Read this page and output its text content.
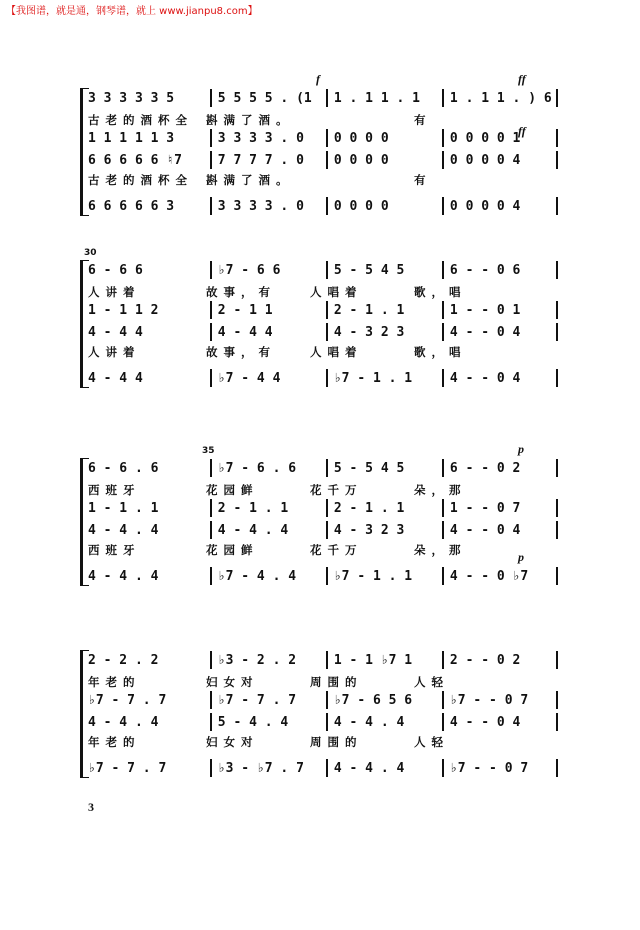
【我图谱，就是通，钢琴谱，就上 www.jianpu8.com】
3 3 3 3 3 5	5 5 5 5 . (1	1 . 1 1 . 1	1 . 1 1 . ) 6
古老的酒杯全	斟满了酒。	有
1 1 1 1 1 3	3 3 3 3 . 0	0 0 0 0	0 0 0 0 1
6 6 6 6 6 ♮7	7 7 7 7 . 0	0 0 0 0	0 0 0 0 4
古老的酒杯全	斟满了酒。	有
6 6 6 6 6 3	3 3 3 3 . 0	0 0 0 0	0 0 0 0 4
f	ff
ff
30
6 - 6 6	♭7 - 6 6	5 - 5 4 5	6 - - 0 6
人讲着	故事，有	人唱着	歌，唱
1 - 1 1 2	2 - 1 1	2 - 1 . 1	1 - - 0 1
4 - 4 4	4 - 4 4	4 - 3 2 3	4 - - 0 4
人讲着	故事，有	人唱着	歌，唱
4 - 4 4	♭7 - 4 4	♭7 - 1 . 1	4 - - 0 4
35
6 - 6 . 6	♭7 - 6 . 6	5 - 5 4 5	6 - - 0 2
西班牙	花园鲜	花千万	朵，那
1 - 1 . 1	2 - 1 . 1	2 - 1 . 1	1 - - 0 7
4 - 4 . 4	4 - 4 . 4	4 - 3 2 3	4 - - 0 4
西班牙	花园鲜	花千万	朵，那
4 - 4 . 4	♭7 - 4 . 4	♭7 - 1 . 1	4 - - 0 ♭7
p
p
2 - 2 . 2	♭3 - 2 . 2	1 - 1 ♭7 1	2 - - 0 2
年老的	妇女对	周围的	人轻
♭7 - 7 . 7	♭7 - 7 . 7	♭7 - 6 5 6	♭7 - - 0 7
4 - 4 . 4	5 - 4 . 4	4 - 4 . 4	4 - - 0 4
年老的	妇女对	周围的	人轻
♭7 - 7 . 7	♭3 - ♭7 . 7	4 - 4 . 4	♭7 - - 0 7
3
